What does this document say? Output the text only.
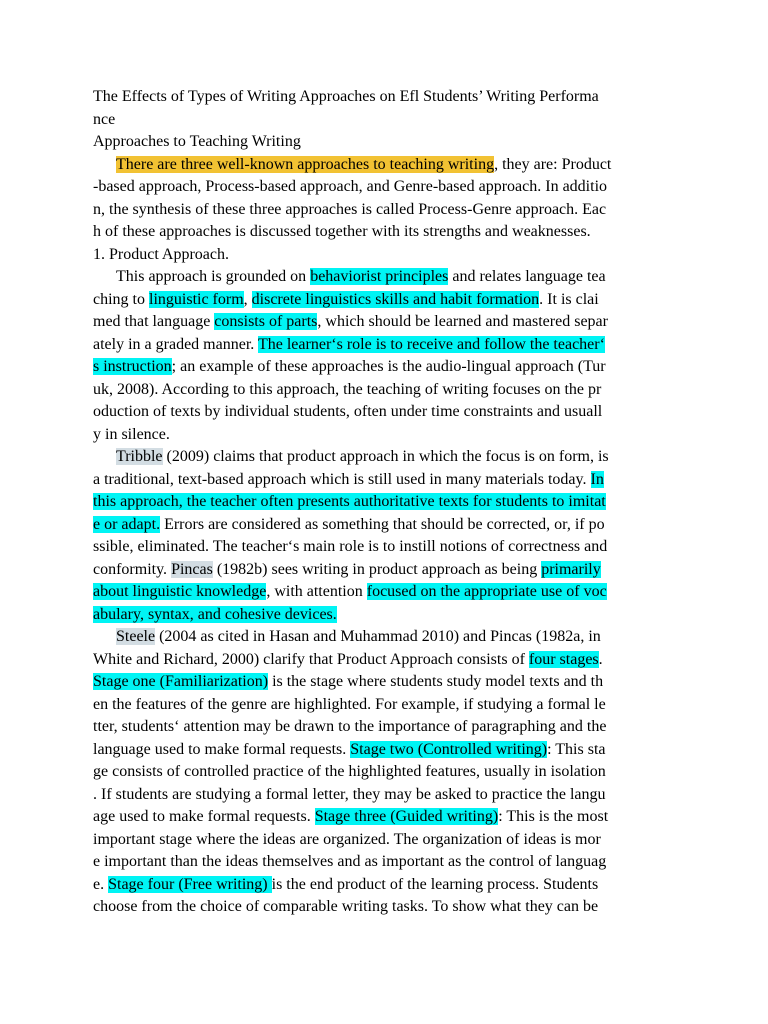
The Effects of Types of Writing Approaches on Efl Students’ Writing Performa
nce
Approaches to Teaching Writing
There are three well-known approaches to teaching writing, they are: Product
-based approach, Process-based approach, and Genre-based approach. In additio
n, the synthesis of these three approaches is called Process-Genre approach. Eac
h of these approaches is discussed together with its strengths and weaknesses.
1. Product Approach.
This approach is grounded on behaviorist principles and relates language tea
ching to linguistic form, discrete linguistics skills and habit formation. It is clai
med that language consists of parts, which should be learned and mastered separ
ately in a graded manner. The learner‘s role is to receive and follow the teacher‘
s instruction; an example of these approaches is the audio-lingual approach (Tur
uk, 2008). According to this approach, the teaching of writing focuses on the pr
oduction of texts by individual students, often under time constraints and usuall
y in silence.
Tribble (2009) claims that product approach in which the focus is on form, is
a traditional, text-based approach which is still used in many materials today. In
this approach, the teacher often presents authoritative texts for students to imitat
e or adapt. Errors are considered as something that should be corrected, or, if po
ssible, eliminated. The teacher‘s main role is to instill notions of correctness and
conformity. Pincas (1982b) sees writing in product approach as being primarily
about linguistic knowledge, with attention focused on the appropriate use of voc
abulary, syntax, and cohesive devices.
Steele (2004 as cited in Hasan and Muhammad 2010) and Pincas (1982a, in
White and Richard, 2000) clarify that Product Approach consists of four stages.
Stage one (Familiarization) is the stage where students study model texts and th
en the features of the genre are highlighted. For example, if studying a formal le
tter, students‘ attention may be drawn to the importance of paragraphing and the
language used to make formal requests. Stage two (Controlled writing): This sta
ge consists of controlled practice of the highlighted features, usually in isolation
. If students are studying a formal letter, they may be asked to practice the langu
age used to make formal requests. Stage three (Guided writing): This is the most
important stage where the ideas are organized. The organization of ideas is mor
e important than the ideas themselves and as important as the control of languag
e. Stage four (Free writing) is the end product of the learning process. Students
choose from the choice of comparable writing tasks. To show what they can be
